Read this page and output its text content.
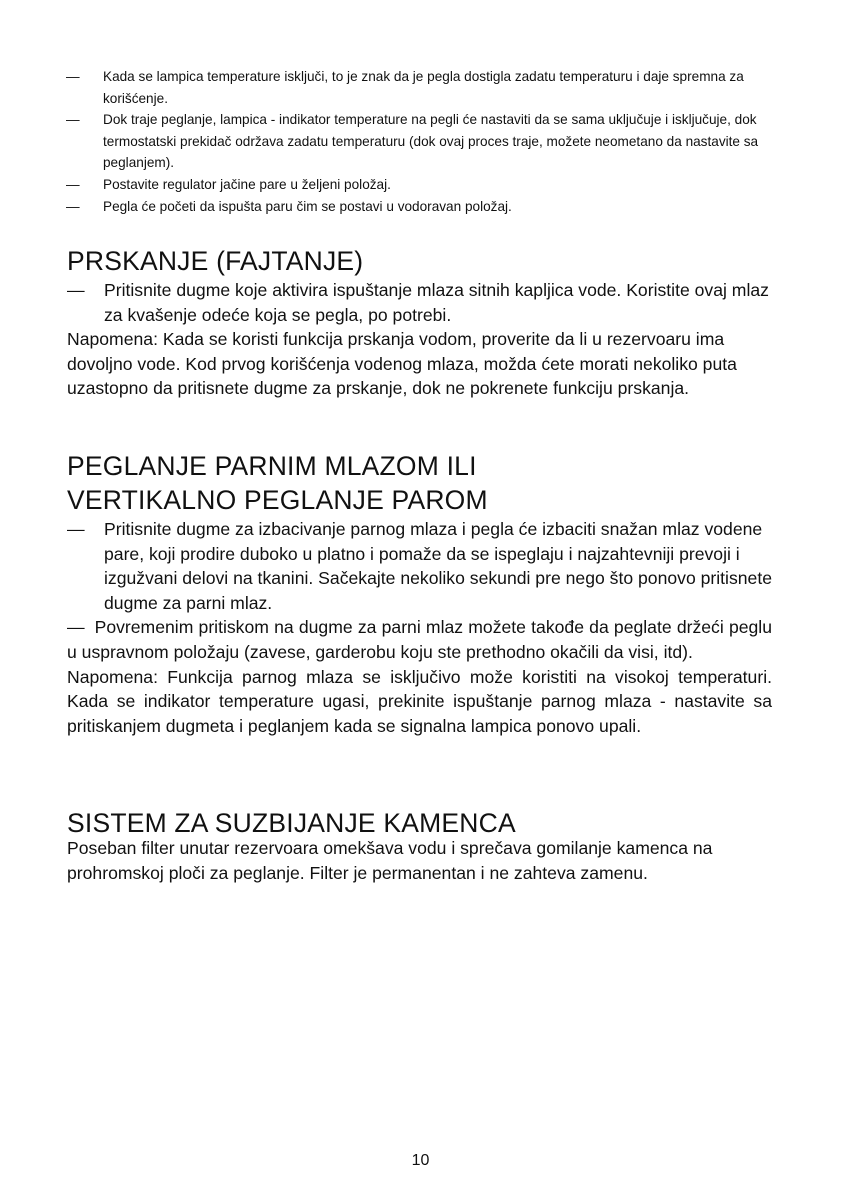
— Kada se lampica temperature isključi, to je znak da je pegla dostigla zadatu temperaturu i daje spremna za korišćenje.
— Dok traje peglanje, lampica - indikator temperature na pegli će nastaviti da se sama uključuje i isključuje, dok termostatski prekidač održava zadatu temperaturu (dok ovaj proces traje, možete neometano da nastavite sa peglanjem).
— Postavite regulator jačine pare u željeni položaj.
— Pegla će početi da ispušta paru čim se postavi u vodoravan položaj.
PRSKANJE (FAJTANJE)
— Pritisnite dugme koje aktivira ispuštanje mlaza sitnih kapljica vode. Koristite ovaj mlaz za kvašenje odeće koja se pegla, po potrebi.
Napomena: Kada se koristi funkcija prskanja vodom, proverite da li u rezervoaru ima dovoljno vode. Kod prvog korišćenja vodenog mlaza, možda ćete morati nekoliko puta uzastopno da pritisnete dugme za prskanje, dok ne pokrenete funkciju prskanja.
PEGLANJE PARNIM MLAZOM ILI
VERTIKALNO PEGLANJE PAROM
— Pritisnite dugme za izbacivanje parnog mlaza i pegla će izbaciti snažan mlaz vodene pare, koji prodire duboko u platno i pomaže da se ispeglaju i najzahtevniji prevoji i izgužvani delovi na tkanini. Sačekajte nekoliko sekundi pre nego što ponovo pritisnete dugme za parni mlaz.
— Povremenim pritiskom na dugme za parni mlaz možete takođe da peglate držeći peglu u uspravnom položaju (zavese, garderobu koju ste prethodno okačili da visi, itd).
Napomena: Funkcija parnog mlaza se isključivo može koristiti na visokoj temperaturi. Kada se indikator temperature ugasi, prekinite ispuštanje parnog mlaza - nastavite sa pritiskanjem dugmeta i peglanjem kada se signalna lampica ponovo upali.
SISTEM ZA SUZBIJANJE KAMENCA
Poseban filter unutar rezervoara omekšava vodu i sprečava gomilanje kamenca na prohromskoj ploči za peglanje. Filter je permanentan i ne zahteva zamenu.
10
